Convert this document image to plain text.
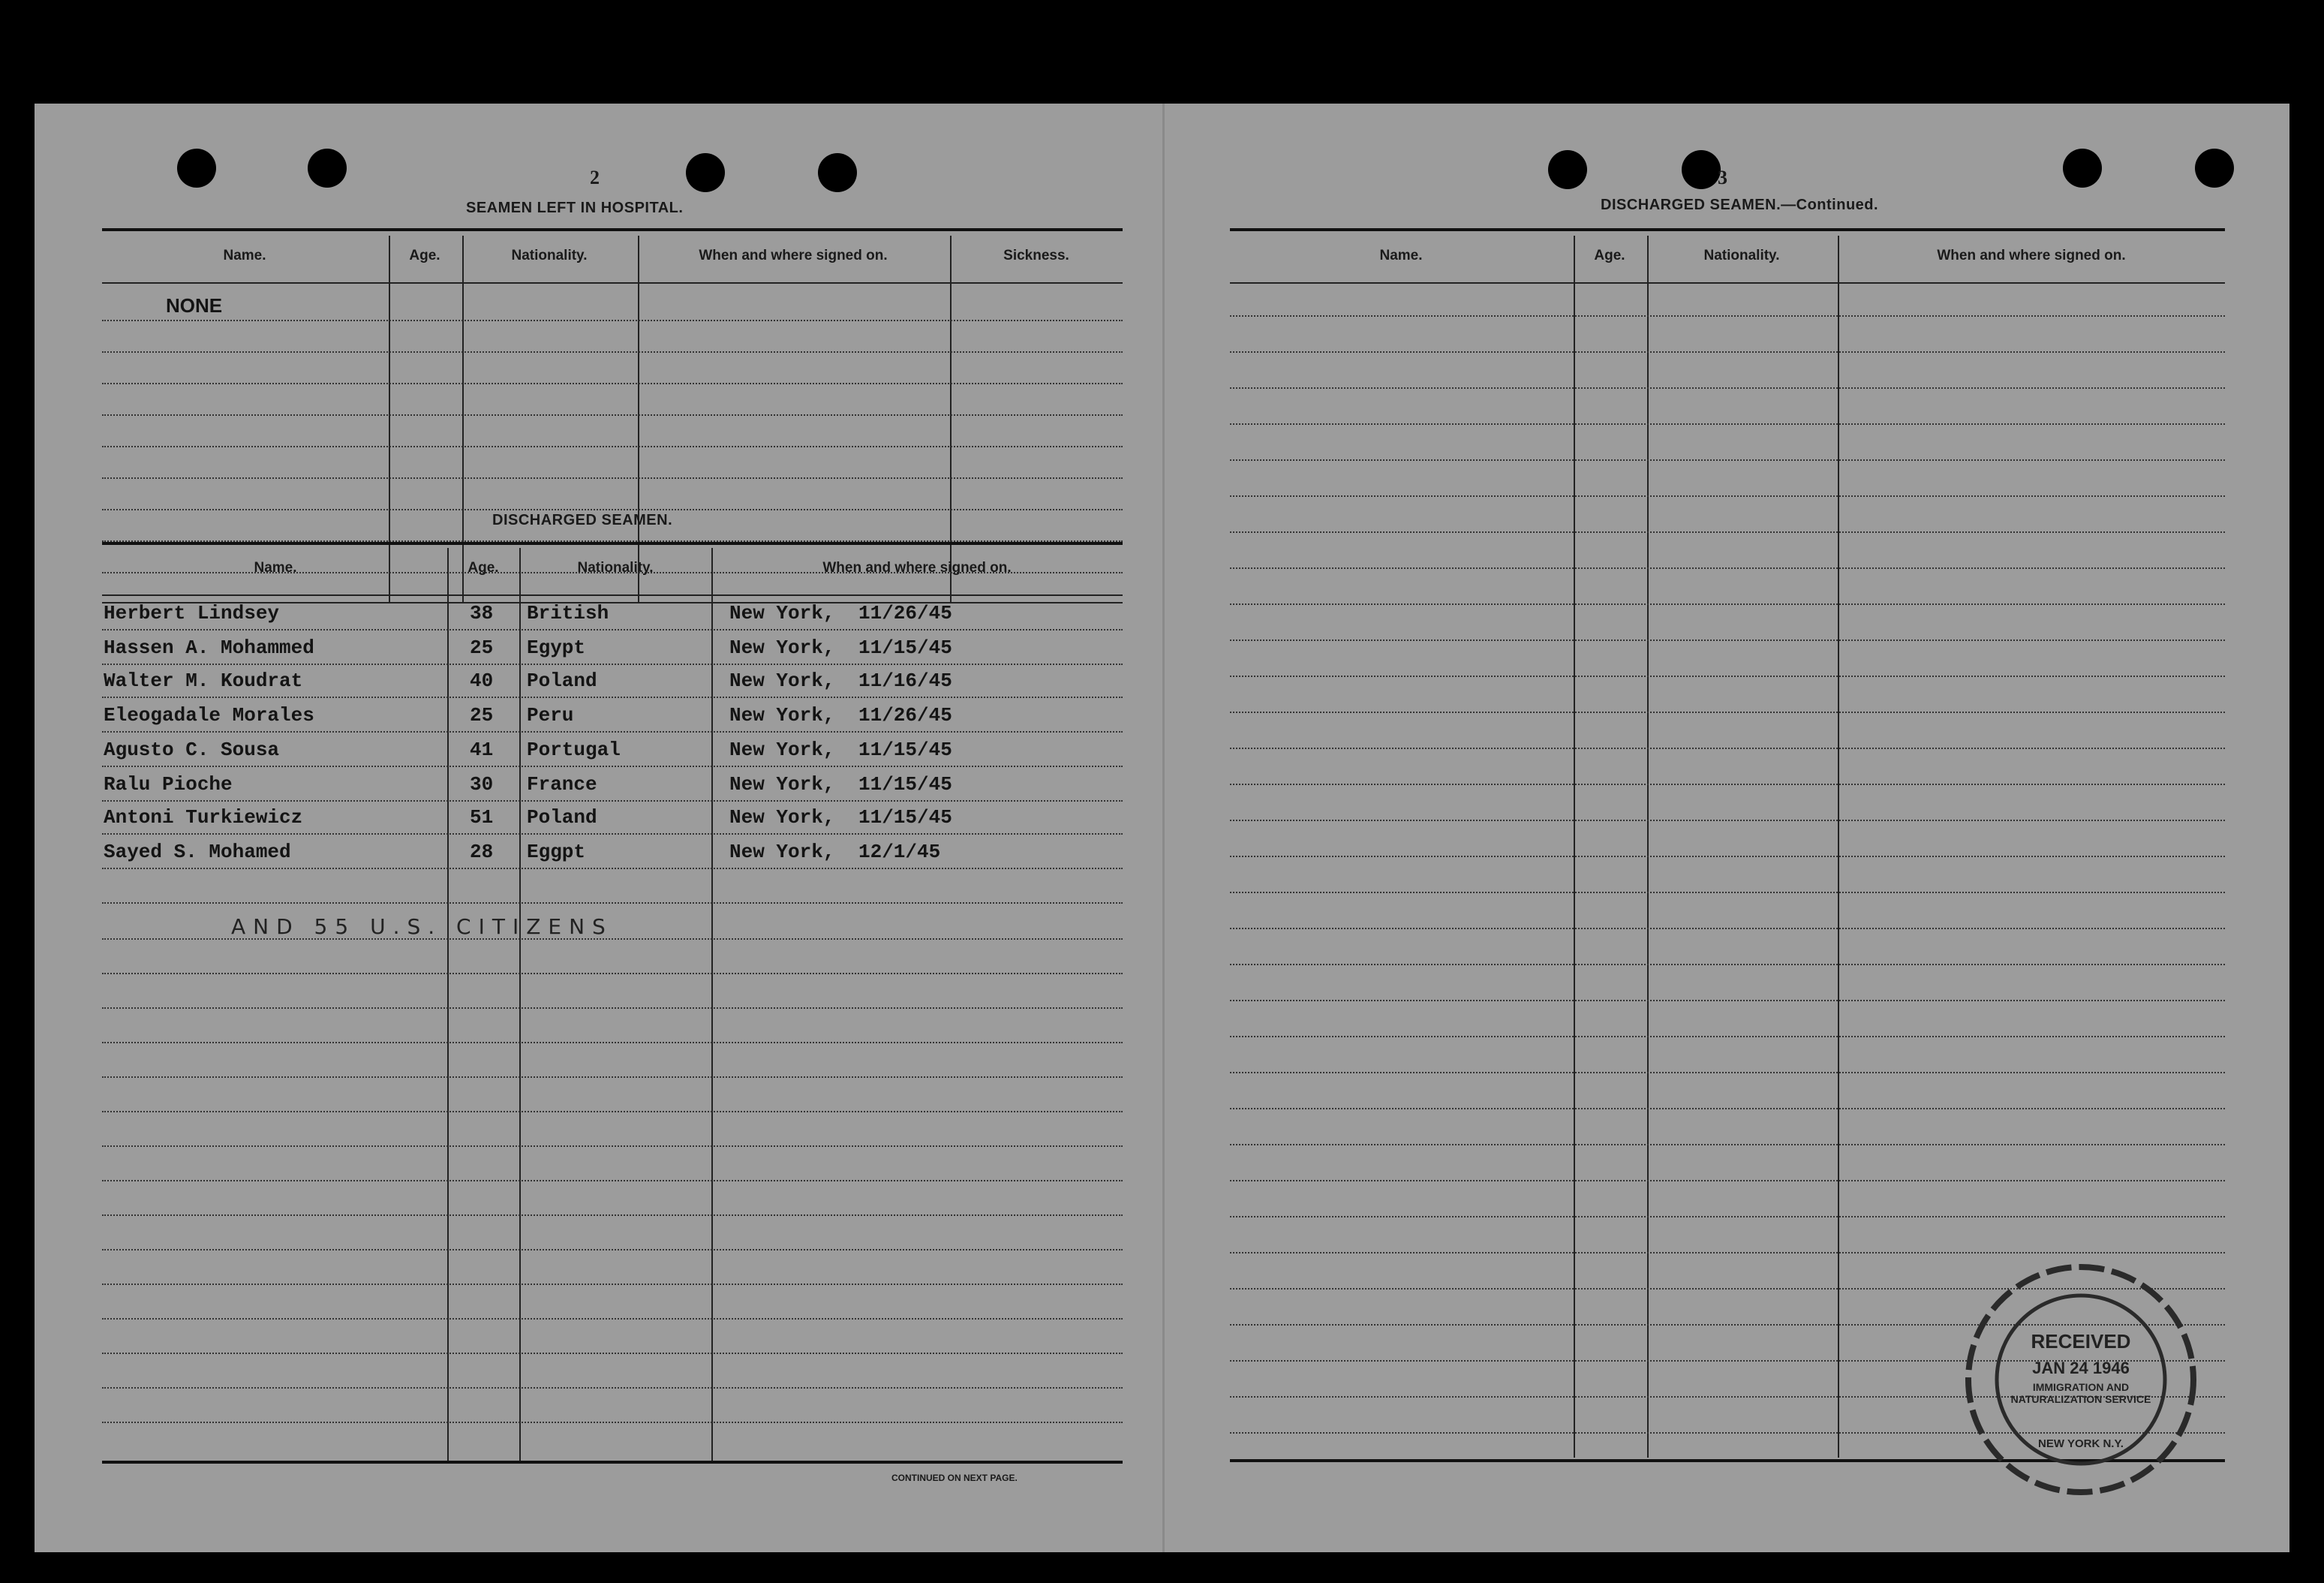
2
SEAMEN LEFT IN HOSPITAL.
Name.	Age.	Nationality.	When and where signed on.	Sickness.
NONE
DISCHARGED SEAMEN.
Name.	Age.	Nationality.	When and where signed on.
Herbert Lindsey	38 British	New York, 11/26/45
Hassen A. Mohammed	25 Egypt	New York, 11/15/45
Walter M. Koudrat	40 Poland	New York, 11/16/45
Eleogadale Morales	25 Peru	New York, 11/26/45
Agusto C. Sousa	41 Portugal	New York, 11/15/45
Ralu Pioche	30 France	New York, 11/15/45
Antoni Turkiewicz	51 Poland	New York, 11/15/45
Sayed S. Mohamed	28 Eggpt	New York, 12/1/45
AND 55 U.S. CITIZENS
CONTINUED ON NEXT PAGE.
3
DISCHARGED SEAMEN.—Continued.
Name.	Age.	Nationality.	When and where signed on.
RECEIVED
JAN 24 1946
IMMIGRATION AND NATURALIZATION SERVICE
NEW YORK N.Y.
